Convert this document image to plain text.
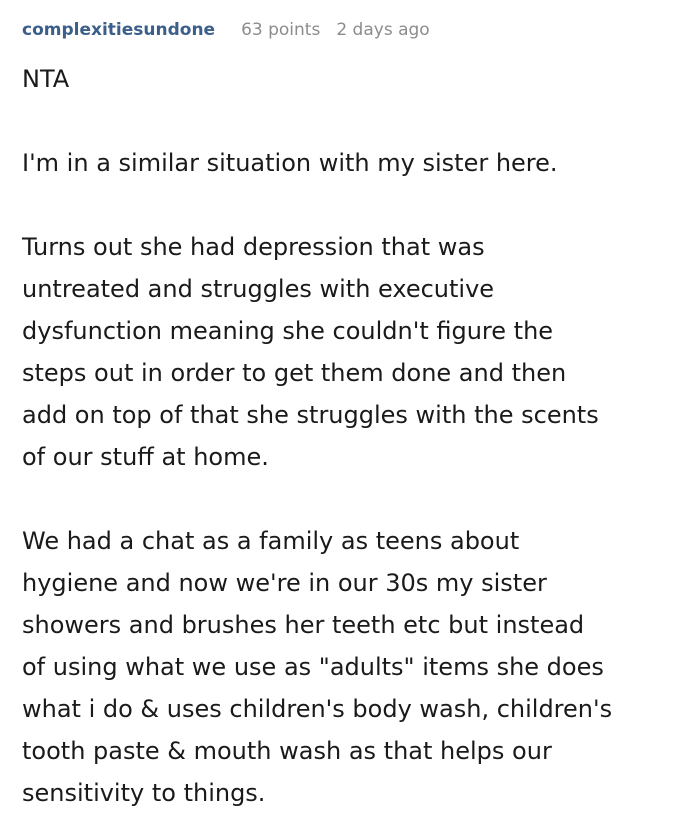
complexitiesundone 63 points 2 days ago

NTA

I'm in a similar situation with my sister here.

Turns out she had depression that was
untreated and struggles with executive
dysfunction meaning she couldn't figure the
steps out in order to get them done and then
add on top of that she struggles with the scents
of our stuff at home.

We had a chat as a family as teens about
hygiene and now we're in our 30s my sister
showers and brushes her teeth etc but instead
of using what we use as "adults" items she does
what i do & uses children's body wash, children's
tooth paste & mouth wash as that helps our
sensitivity to things.
